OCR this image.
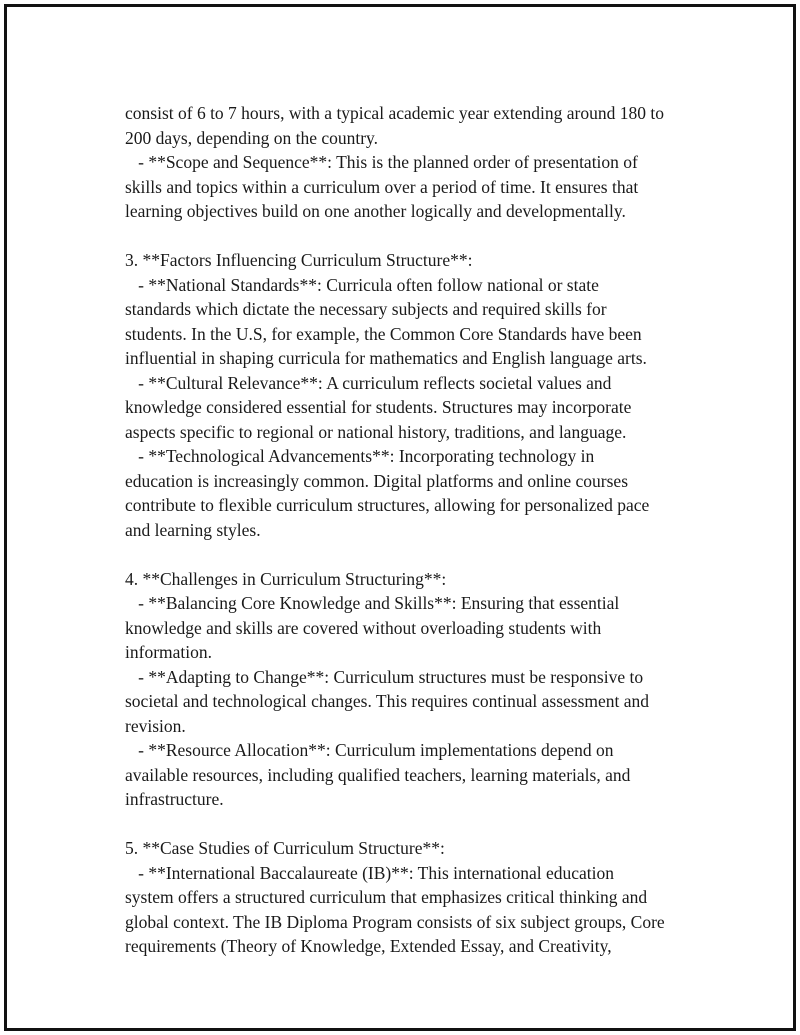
consist of 6 to 7 hours, with a typical academic year extending around 180 to
200 days, depending on the country.
- **Scope and Sequence**: This is the planned order of presentation of
skills and topics within a curriculum over a period of time. It ensures that
learning objectives build on one another logically and developmentally.
3. **Factors Influencing Curriculum Structure**:
- **National Standards**: Curricula often follow national or state
standards which dictate the necessary subjects and required skills for
students. In the U.S, for example, the Common Core Standards have been
influential in shaping curricula for mathematics and English language arts.
- **Cultural Relevance**: A curriculum reflects societal values and
knowledge considered essential for students. Structures may incorporate
aspects specific to regional or national history, traditions, and language.
- **Technological Advancements**: Incorporating technology in
education is increasingly common. Digital platforms and online courses
contribute to flexible curriculum structures, allowing for personalized pace
and learning styles.
4. **Challenges in Curriculum Structuring**:
- **Balancing Core Knowledge and Skills**: Ensuring that essential
knowledge and skills are covered without overloading students with
information.
- **Adapting to Change**: Curriculum structures must be responsive to
societal and technological changes. This requires continual assessment and
revision.
- **Resource Allocation**: Curriculum implementations depend on
available resources, including qualified teachers, learning materials, and
infrastructure.
5. **Case Studies of Curriculum Structure**:
- **International Baccalaureate (IB)**: This international education
system offers a structured curriculum that emphasizes critical thinking and
global context. The IB Diploma Program consists of six subject groups, Core
requirements (Theory of Knowledge, Extended Essay, and Creativity,
